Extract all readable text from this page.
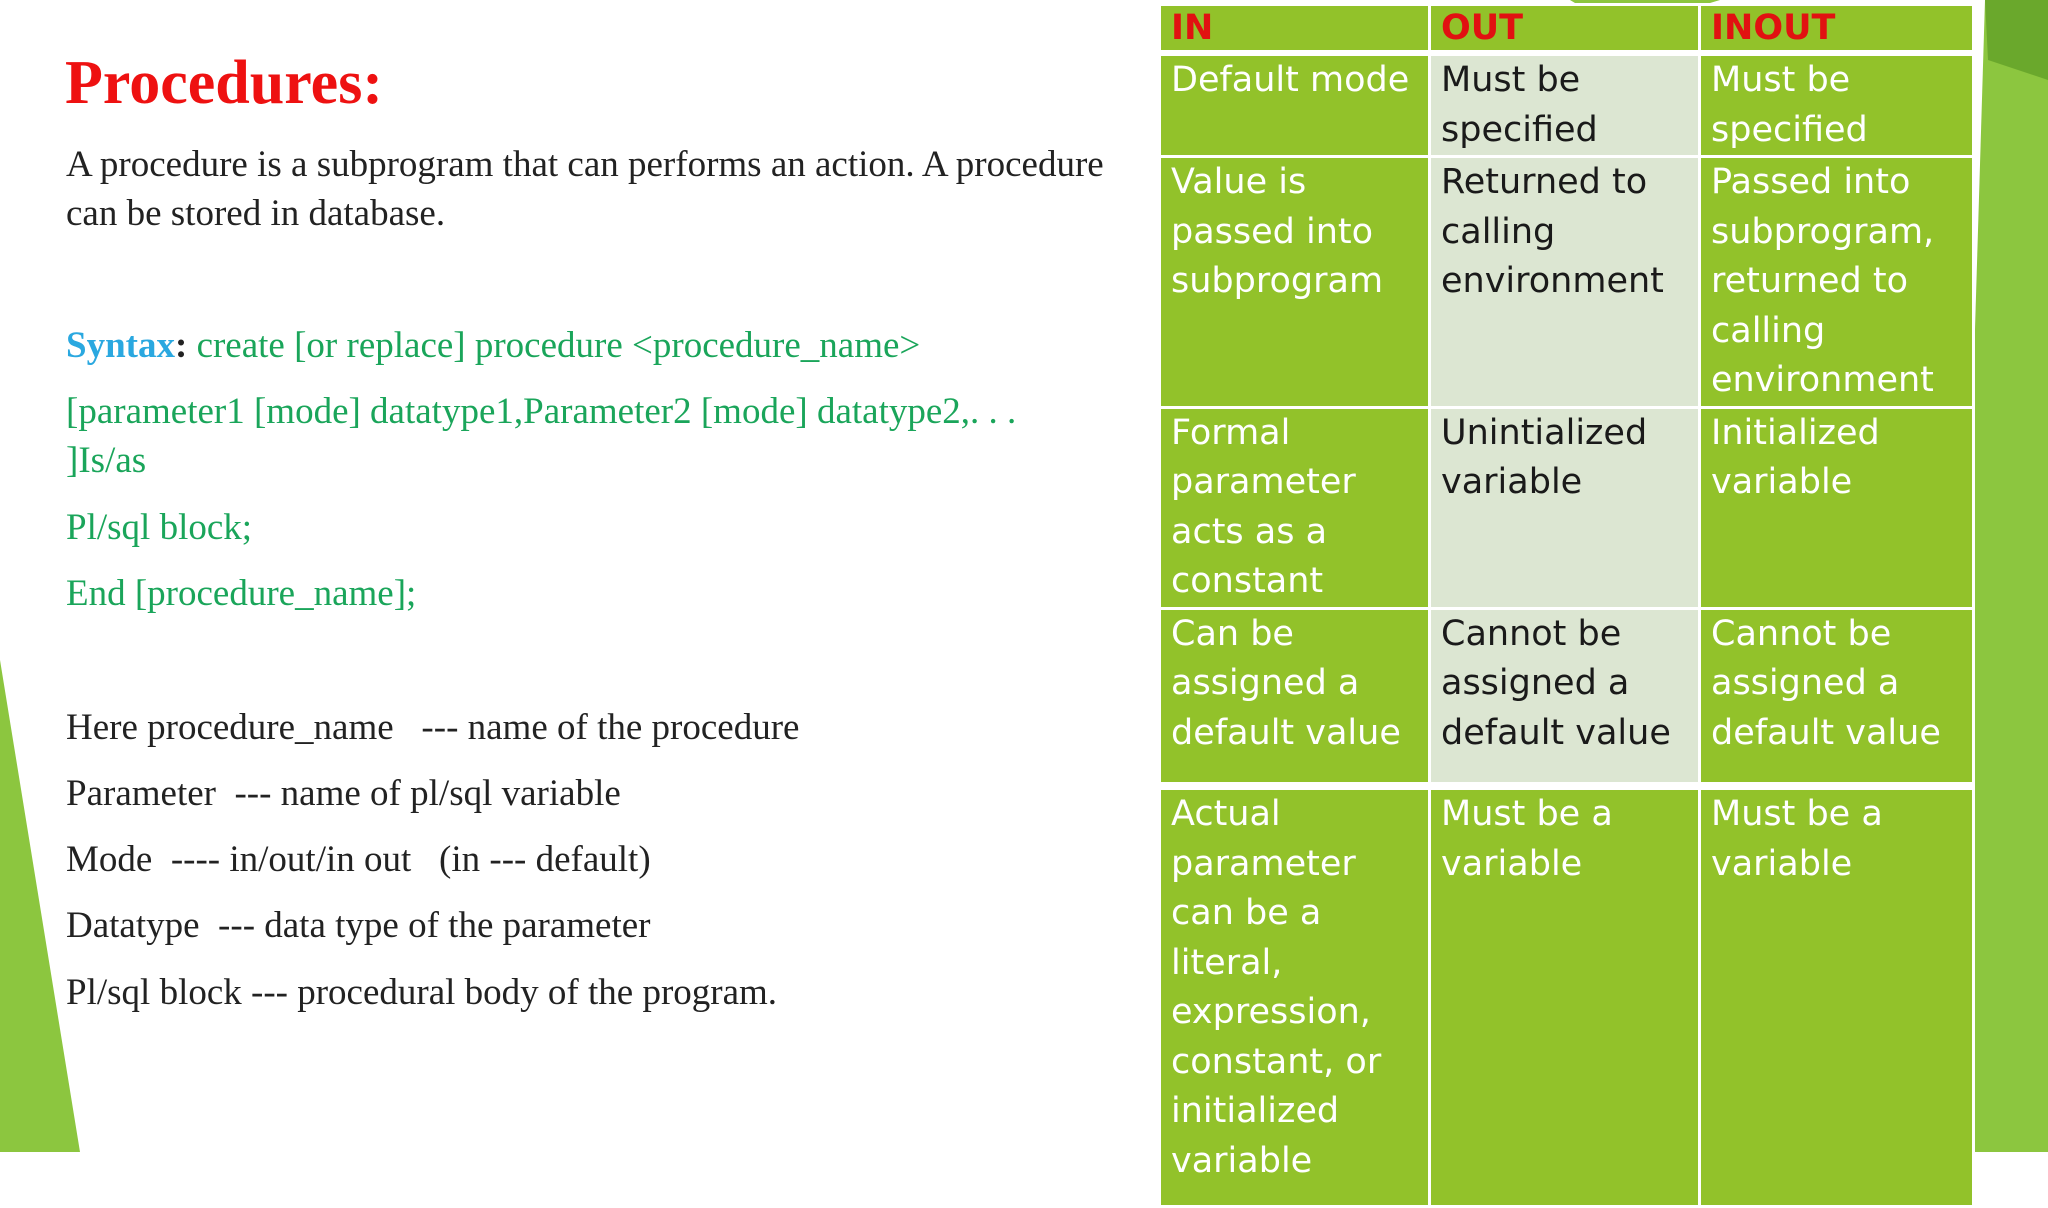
Procedures:
A procedure is a subprogram that can performs an action. A procedure can be stored in database.
Syntax: create [or replace] procedure <procedure_name>
[parameter1 [mode] datatype1,Parameter2 [mode] datatype2,. . .
]Is/as
Pl/sql block;
End [procedure_name];
Here procedure_name   --- name of the procedure
Parameter  --- name of pl/sql variable
Mode  ---- in/out/in out   (in --- default)
Datatype  --- data type of the parameter
Pl/sql block --- procedural body of the program.
IN	OUT	INOUT
Default mode	Must be specified	Must be specified
Value is passed into subprogram	Returned to calling environment	Passed into subprogram, returned to calling environment
Formal parameter acts as a constant	Unintialized variable	Initialized variable
Can be assigned a default value	Cannot be assigned a default value	Cannot be assigned a default value
Actual parameter can be a literal, expression, constant, or initialized variable	Must be a variable	Must be a variable
